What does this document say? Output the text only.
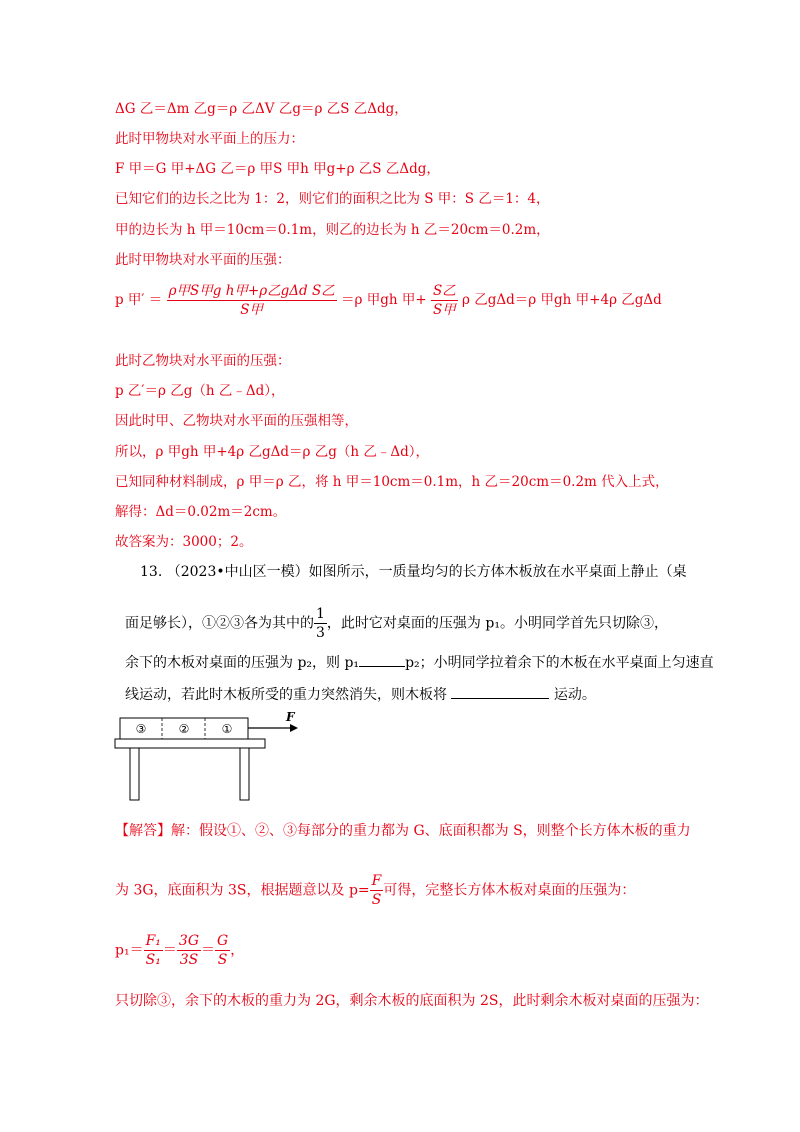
ΔG 乙＝Δm 乙g＝ρ 乙ΔV 乙g＝ρ 乙S 乙Δdg，
此时甲物块对水平面上的压力：
F 甲＝G 甲+ΔG 乙＝ρ 甲S 甲h 甲g+ρ 乙S 乙Δdg，
已知它们的边长之比为 1：2，则它们的面积之比为 S 甲：S 乙＝1：4，
甲的边长为 h 甲＝10cm＝0.1m，则乙的边长为 h 乙＝20cm＝0.2m，
此时甲物块对水平面的压强：
p 甲′ ＝ $\frac{\text{ρ甲S甲g h甲+ρ乙gΔd S乙}}{\text{S甲}} =\rho$ 甲gh 甲+ $\frac{\text{S乙}}{\text{S甲}}$ ρ 乙gΔd＝ρ 甲gh 甲+4ρ 乙gΔd
此时乙物块对水平面的压强：
p 乙′＝ρ 乙g（h 乙﹣Δd），
因此时甲、乙物块对水平面的压强相等，
所以，ρ 甲gh 甲+4ρ 乙gΔd＝ρ 乙g（h 乙﹣Δd），
已知同种材料制成，ρ 甲＝ρ 乙，将 h 甲＝10cm＝0.1m，h 乙＝20cm＝0.2m 代入上式，
解得：Δd＝0.02m＝2cm。
故答案为：3000；2。
13. （2023•中山区一模）如图所示，一质量均匀的长方体木板放在水平桌面上静止（桌
面足够长），①②③各为其中的 $\frac{1}{3}$ ，此时它对桌面的压强为 p₁。小明同学首先只切除③，
余下的木板对桌面的压强为 p₂，则 p₁	p₂；小明同学拉着余下的木板在水平桌面上匀速直
线运动，若此时木板所受的重力突然消失，则木板将	运动。
③	②	①
F
【解答】解：假设①、②、③每部分的重力都为 G、底面积都为 S，则整个长方体木板的重力
为 3G，底面积为 3S，根据题意以及 $p= \frac{F}{S}$ 可得，完整长方体木板对桌面的压强为：
$p_1= \frac{\text{F₁}}{\text{S₁}} = \frac{3G}{3S} = \frac{G}{S}$ ，
只切除③，余下的木板的重力为 2G，剩余木板的底面积为 2S，此时剩余木板对桌面的压强为：
